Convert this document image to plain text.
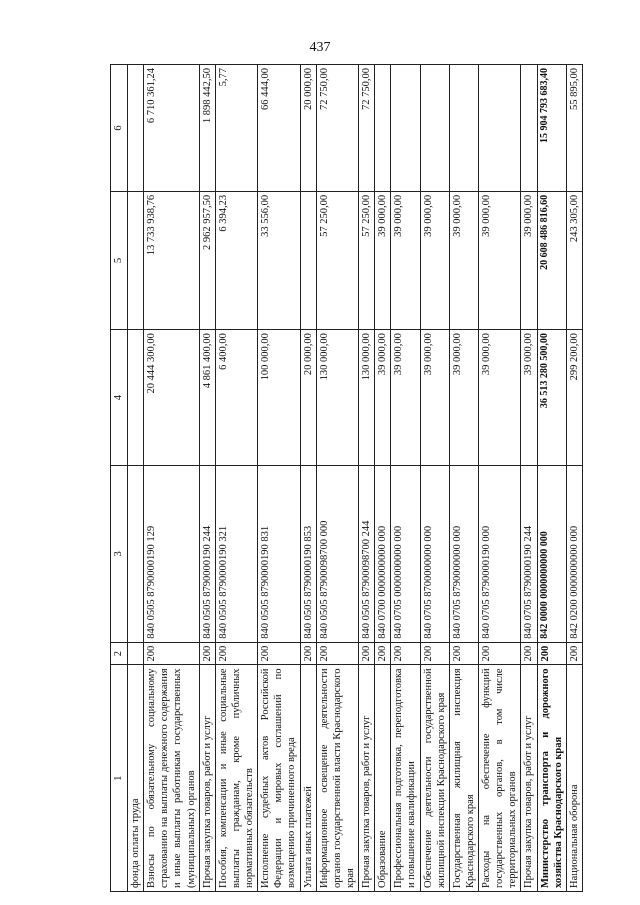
437
1	2	3	4	5	6
фонда оплаты труда					
Взносы по обязательному социальному страхованию на выплаты денежного содержания и иные выплаты работникам государственных (муниципальных) органов	200	840 0505 8790000190 129	20 444 300,00	13 733 938,76	6 710 361,24
Прочая закупка товаров, работ и услуг	200	840 0505 8790000190 244	4 861 400,00	2 962 957,50	1 898 442,50
Пособия, компенсации и иные социальные выплаты гражданам, кроме публичных нормативных обязательств	200	840 0505 8790000190 321	6 400,00	6 394,23	5,77
Исполнение судебных актов Российской Федерации и мировых соглашений по возмещению причиненного вреда	200	840 0505 8790000190 831	100 000,00	33 556,00	66 444,00
Уплата иных платежей	200	840 0505 8790000190 853	20 000,00		20 000,00
Информационное освещение деятельности органов государственной власти Краснодарского края	200	840 0505 87900098700 000	130 000,00	57 250,00	72 750,00
Прочая закупка товаров, работ и услуг	200	840 0505 87900098700 244	130 000,00	57 250,00	72 750,00
Образование	200	840 0700 0000000000 000	39 000,00	39 000,00	
Профессиональная подготовка, переподготовка и повышение квалификации	200	840 0705 0000000000 000	39 000,00	39 000,00	
Обеспечение деятельности государственной жилищной инспекции Краснодарского края	200	840 0705 8700000000 000	39 000,00	39 000,00	
Государственная жилищная инспекция Краснодарского края	200	840 0705 8790000000 000	39 000,00	39 000,00	
Расходы на обеспечение функций государственных органов, в том числе территориальных органов	200	840 0705 8790000190 000	39 000,00	39 000,00	
Прочая закупка товаров, работ и услуг	200	840 0705 8790000190 244	39 000,00	39 000,00	
Министерство транспорта и дорожного хозяйства Краснодарского края	200	842 0000 0000000000 000	36 513 280 500,00	20 608 486 816,60	15 904 793 683,40
Национальная оборона	200	842 0200 0000000000 000	299 200,00	243 305,00	55 895,00
